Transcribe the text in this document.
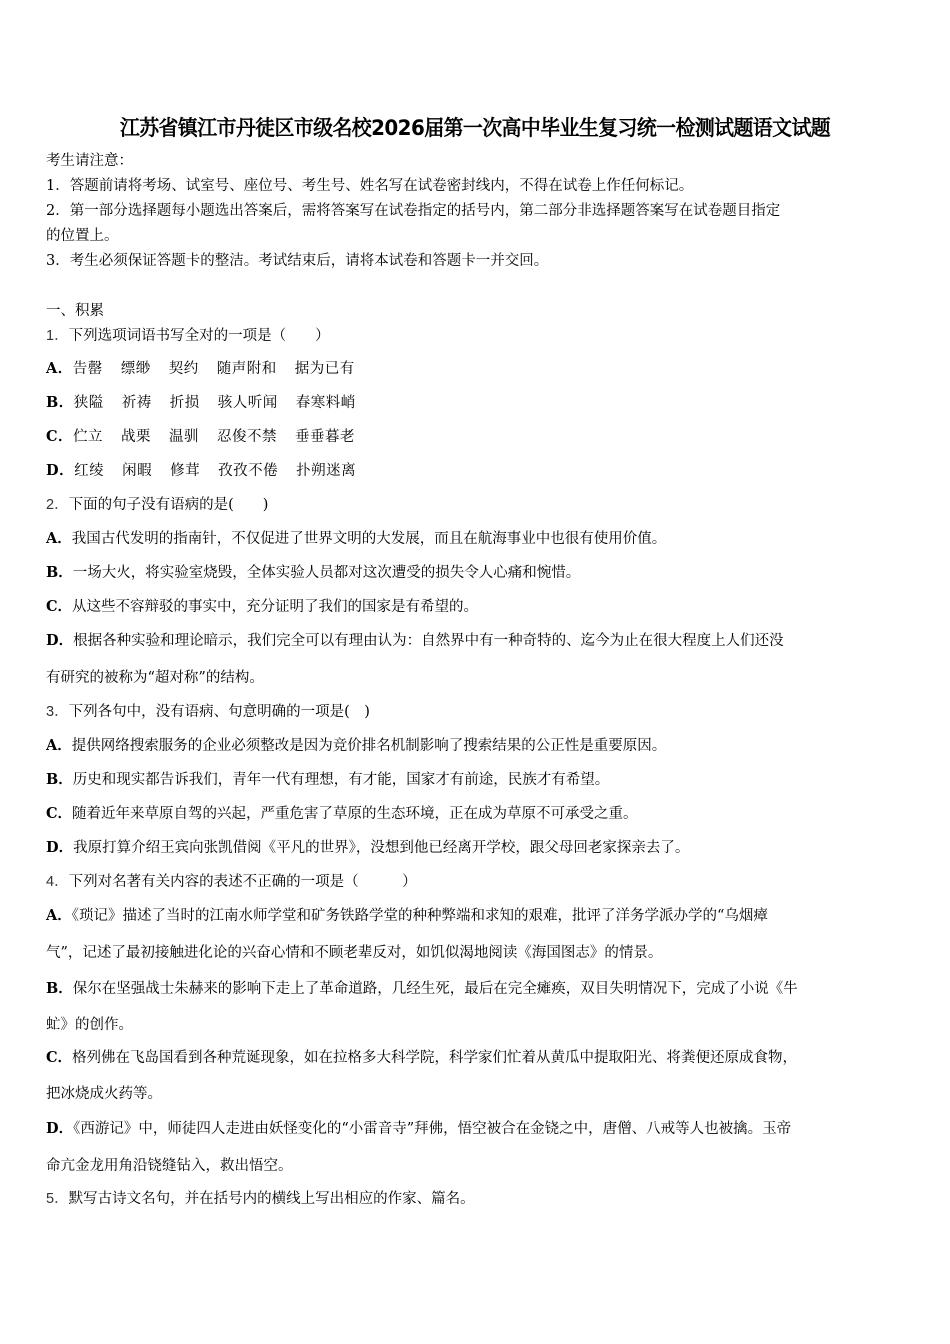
江苏省镇江市丹徒区市级名校2026届第一次高中毕业生复习统一检测试题语文试题
考生请注意：
1．答题前请将考场、试室号、座位号、考生号、姓名写在试卷密封线内，不得在试卷上作任何标记。
2．第一部分选择题每小题选出答案后，需将答案写在试卷指定的括号内，第二部分非选择题答案写在试卷题目指定
的位置上。
3．考生必须保证答题卡的整洁。考试结束后，请将本试卷和答题卡一并交回。
一、积累
1．下列选项词语书写全对的一项是（　　）
A．告罄 缥缈 契约 随声附和 据为已有
B．狭隘 祈祷 折损 骇人听闻 春寒料峭
C．伫立 战栗 温驯 忍俊不禁 垂垂暮老
D．红绫 闲暇 修茸 孜孜不倦 扑朔迷离
2．下面的句子没有语病的是(　　)
A．我国古代发明的指南针，不仅促进了世界文明的大发展，而且在航海事业中也很有使用价值。
B．一场大火，将实验室烧毁，全体实验人员都对这次遭受的损失令人心痛和惋惜。
C．从这些不容辩驳的事实中，充分证明了我们的国家是有希望的。
D．根据各种实验和理论暗示，我们完全可以有理由认为：自然界中有一种奇特的、迄今为止在很大程度上人们还没
有研究的被称为“超对称”的结构。
3．下列各句中，没有语病、句意明确的一项是(　)
A．提供网络搜索服务的企业必须整改是因为竞价排名机制影响了搜索结果的公正性是重要原因。
B．历史和现实都告诉我们，青年一代有理想，有才能，国家才有前途，民族才有希望。
C．随着近年来草原自驾的兴起，严重危害了草原的生态环境，正在成为草原不可承受之重。
D．我原打算介绍王宾向张凯借阅《平凡的世界》，没想到他已经离开学校，跟父母回老家探亲去了。
4．下列对名著有关内容的表述不正确的一项是（　　　）
A．《琐记》描述了当时的江南水师学堂和矿务铁路学堂的种种弊端和求知的艰难，批评了洋务学派办学的“乌烟瘴
气”，记述了最初接触进化论的兴奋心情和不顾老辈反对，如饥似渴地阅读《海国图志》的情景。
B．保尔在坚强战士朱赫来的影响下走上了革命道路，几经生死，最后在完全瘫痪，双目失明情况下，完成了小说《牛
虻》的创作。
C．格列佛在飞岛国看到各种荒诞现象，如在拉格多大科学院，科学家们忙着从黄瓜中提取阳光、将粪便还原成食物，
把冰烧成火药等。
D．《西游记》中，师徒四人走进由妖怪变化的“小雷音寺”拜佛，悟空被合在金铙之中，唐僧、八戒等人也被擒。玉帝
命亢金龙用角沿铙缝钻入，救出悟空。
5．默写古诗文名句，并在括号内的横线上写出相应的作家、篇名。
